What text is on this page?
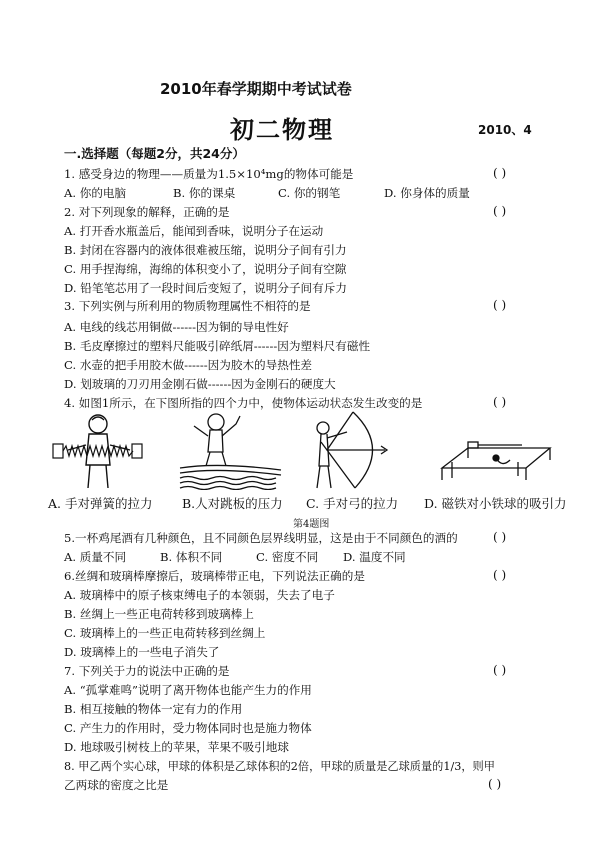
2010年春学期期中考试试卷
初二物理	2010、4
一.选择题（每题2分，共24分）
1. 感受身边的物理——质量为1.5×10⁴mg的物体可能是	( )
A. 你的电脑	B. 你的课桌	C. 你的钢笔	D. 你身体的质量
2. 对下列现象的解释，正确的是	( )
A. 打开香水瓶盖后，能闻到香味，说明分子在运动
B. 封闭在容器内的液体很难被压缩，说明分子间有引力
C. 用手捏海绵，海绵的体积变小了，说明分子间有空隙
D. 铅笔笔芯用了一段时间后变短了，说明分子间有斥力
3. 下列实例与所利用的物质物理属性不相符的是	( )
A. 电线的线芯用铜做------因为铜的导电性好
B. 毛皮摩擦过的塑料尺能吸引碎纸屑------因为塑料尺有磁性
C. 水壶的把手用胶木做------因为胶木的导热性差
D. 划玻璃的刀刃用金刚石做------因为金刚石的硬度大
4. 如图1所示，在下图所指的四个力中，使物体运动状态发生改变的是	( )
A. 手对弹簧的拉力 B.人对跳板的压力 C. 手对弓的拉力 D. 磁铁对小铁球的吸引力
第4题图
5.一杯鸡尾酒有几种颜色，且不同颜色层界线明显，这是由于不同颜色的酒的	( )
A. 质量不同	B. 体积不同	C. 密度不同 D. 温度不同
6.丝绸和玻璃棒摩擦后，玻璃棒带正电，下列说法正确的是	( )
A. 玻璃棒中的原子核束缚电子的本领弱，失去了电子
B. 丝绸上一些正电荷转移到玻璃棒上
C. 玻璃棒上的一些正电荷转移到丝绸上
D. 玻璃棒上的一些电子消失了
7. 下列关于力的说法中正确的是	( )
A. “孤掌难鸣”说明了离开物体也能产生力的作用
B. 相互接触的物体一定有力的作用
C. 产生力的作用时，受力物体同时也是施力物体
D. 地球吸引树枝上的苹果，苹果不吸引地球
8. 甲乙两个实心球，甲球的体积是乙球体积的2倍，甲球的质量是乙球质量的1/3，则甲
乙两球的密度之比是	( )
